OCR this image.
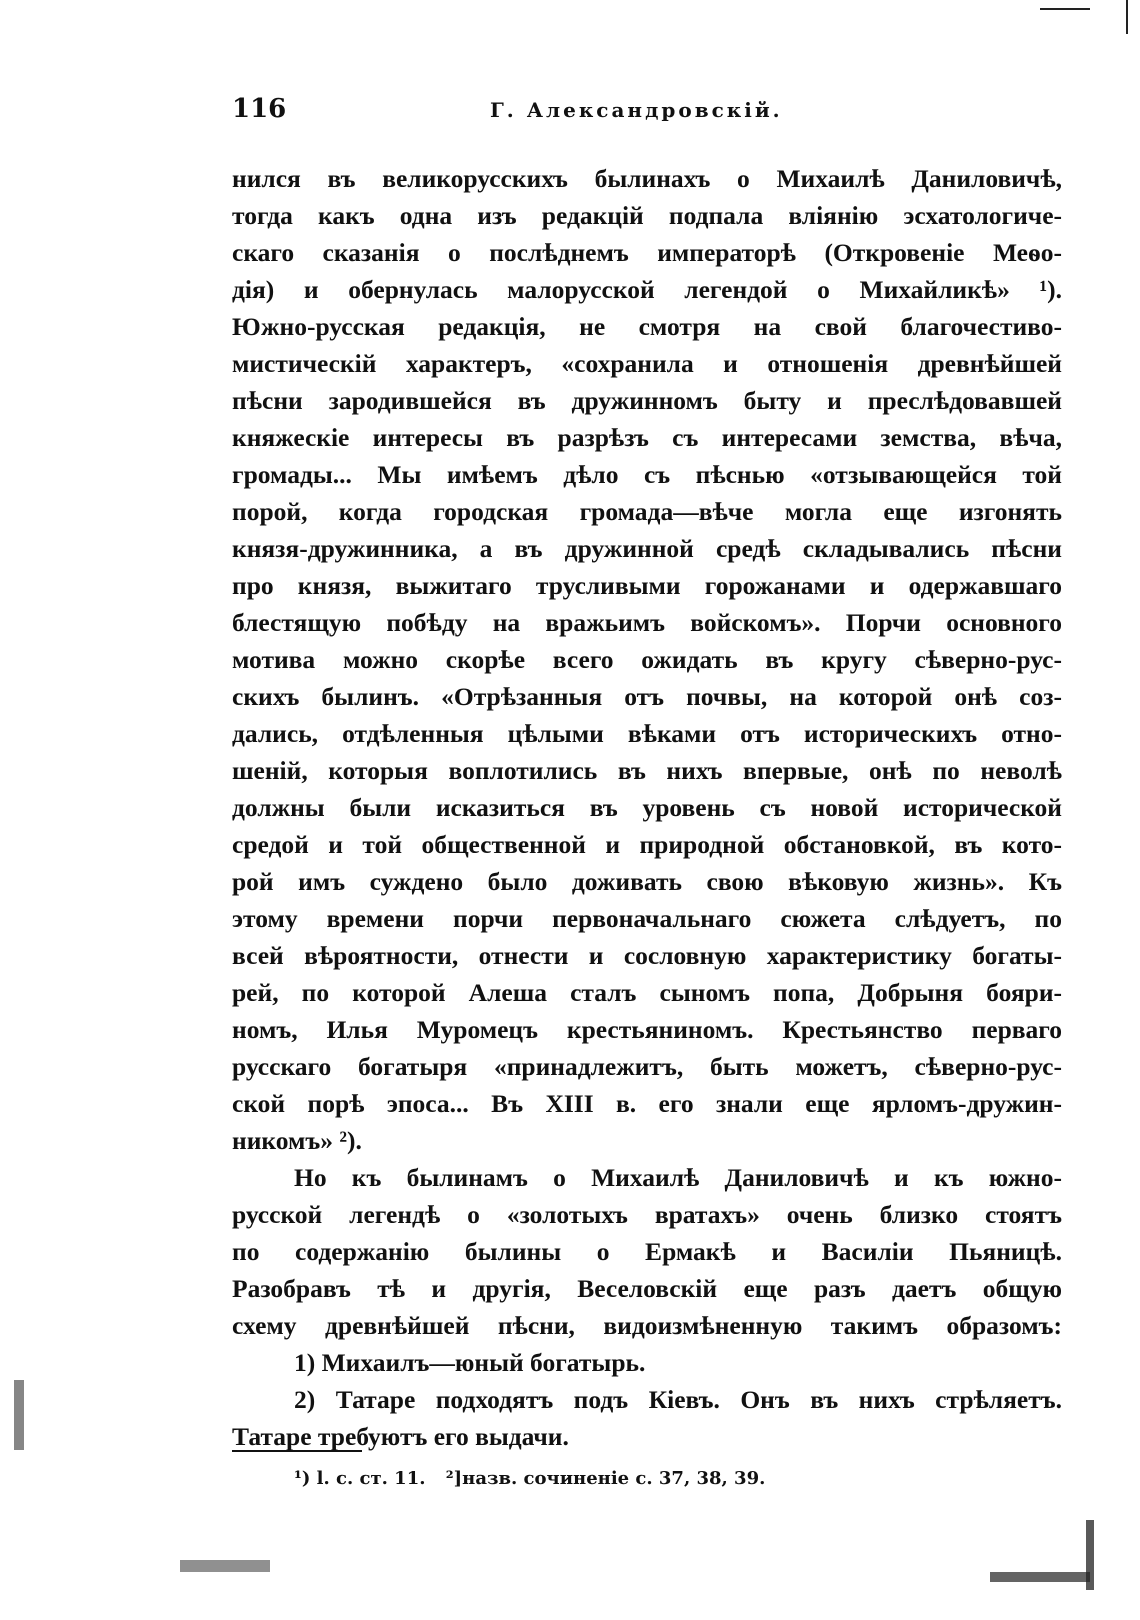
116	Г. Александровскій.
нился въ великорусскихъ былинахъ о Михаилѣ Даниловичѣ,
тогда какъ одна изъ редакцій подпала вліянію эсхатологиче-
скаго сказанія о послѣднемъ императорѣ (Откровеніе Меѳо-
дія) и обернулась малорусской легендой о Михайликѣ» ¹).
Южно-русская редакція, не смотря на свой благочестиво-
мистическій характеръ, «сохранила и отношенія древнѣйшей
пѣсни зародившейся въ дружинномъ быту и преслѣдовавшей
княжескіе интересы въ разрѣзъ съ интересами земства, вѣча,
громады... Мы имѣемъ дѣло съ пѣснью «отзывающейся той
порой, когда городская громада—вѣче могла еще изгонять
князя-дружинника, а въ дружинной средѣ складывались пѣсни
про князя, выжитаго трусливыми горожанами и одержавшаго
блестящую побѣду на вражьимъ войскомъ». Порчи основного
мотива можно скорѣе всего ожидать въ кругу сѣверно-рус-
скихъ былинъ. «Отрѣзанныя отъ почвы, на которой онѣ соз-
дались, отдѣленныя цѣлыми вѣками отъ историческихъ отно-
шеній, которыя воплотились въ нихъ впервые, онѣ по неволѣ
должны были исказиться въ уровень съ новой исторической
средой и той общественной и природной обстановкой, въ кото-
рой имъ суждено было доживать свою вѣковую жизнь». Къ
этому времени порчи первоначальнаго сюжета слѣдуетъ, по
всей вѣроятности, отнести и сословную характеристику богаты-
рей, по которой Алеша сталъ сыномъ попа, Добрыня бояри-
номъ, Илья Муромецъ крестьяниномъ. Крестьянство перваго
русскаго богатыря «принадлежитъ, быть можетъ, сѣверно-рус-
ской порѣ эпоса... Въ XIII в. его знали еще ярломъ-дружин-
никомъ» ²).
Но къ былинамъ о Михаилѣ Даниловичѣ и къ южно-
русской легендѣ о «золотыхъ вратахъ» очень близко стоятъ
по содержанію былины о Ермакѣ и Василіи Пьяницѣ.
Разобравъ тѣ и другія, Веселовскій еще разъ даетъ общую
схему древнѣйшей пѣсни, видоизмѣненную такимъ образомъ:
1) Михаилъ—юный богатырь.
2) Татаре подходятъ подъ Кіевъ. Онъ въ нихъ стрѣляетъ.
Татаре требуютъ его выдачи.
¹) l. c. ст. 11. ²]назв. сочиненіе с. 37, 38, 39.
